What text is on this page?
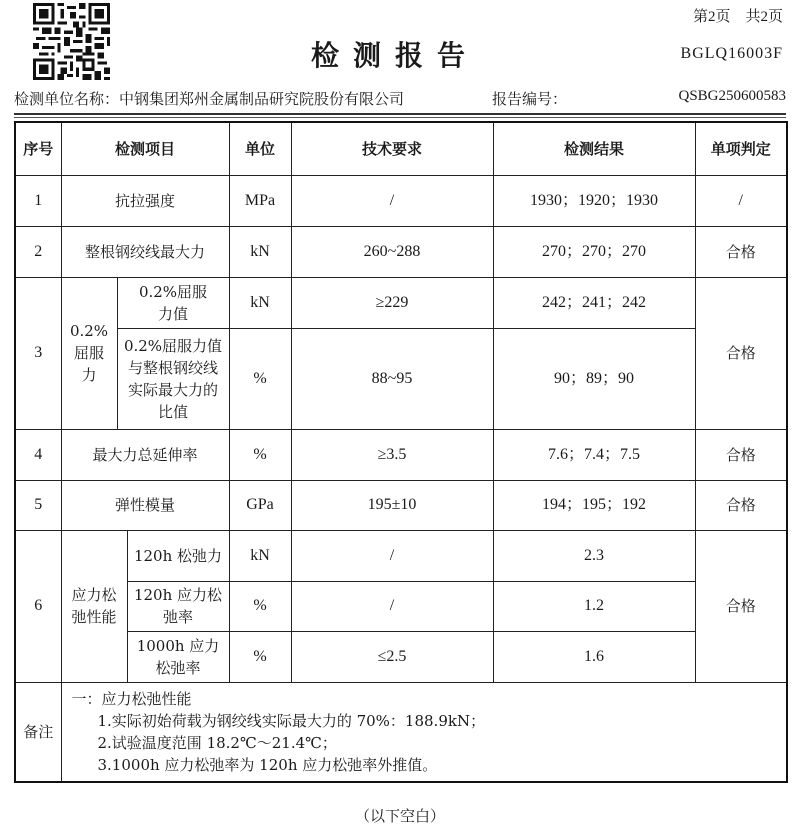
第2页　共2页
检测报告	BGLQ16003F
检测单位名称：中钢集团郑州金属制品研究院股份有限公司	报告编号：	QSBG250600583
序号	检测项目			单位	技术要求	检测结果	单项判定
1	抗拉强度			MPa	/	1930；1920；1930	/
2	整根钢绞线最大力			kN	260~288	270；270；270	合格
3	0.2%屈服力	0.2%屈服力值		kN	≥229	242；241；242	合格
		0.2%屈服力值与整根钢绞线实际最大力的比值		%	88~95	90；89；90	
4	最大力总延伸率			%	≥3.5	7.6；7.4；7.5	合格
5	弹性模量			GPa	195±10	194；195；192	合格
6	应力松弛性能		120h 松弛力	kN	/	2.3	合格
			120h 应力松弛率	%	/	1.2	
			1000h 应力松弛率	%	≤2.5	1.6	
备注	一：应力松弛性能
1.实际初始荷载为钢绞线实际最大力的 70%：188.9kN；
2.试验温度范围 18.2℃～21.4℃；
3.1000h 应力松弛率为 120h 应力松弛率外推值。						
（以下空白）
